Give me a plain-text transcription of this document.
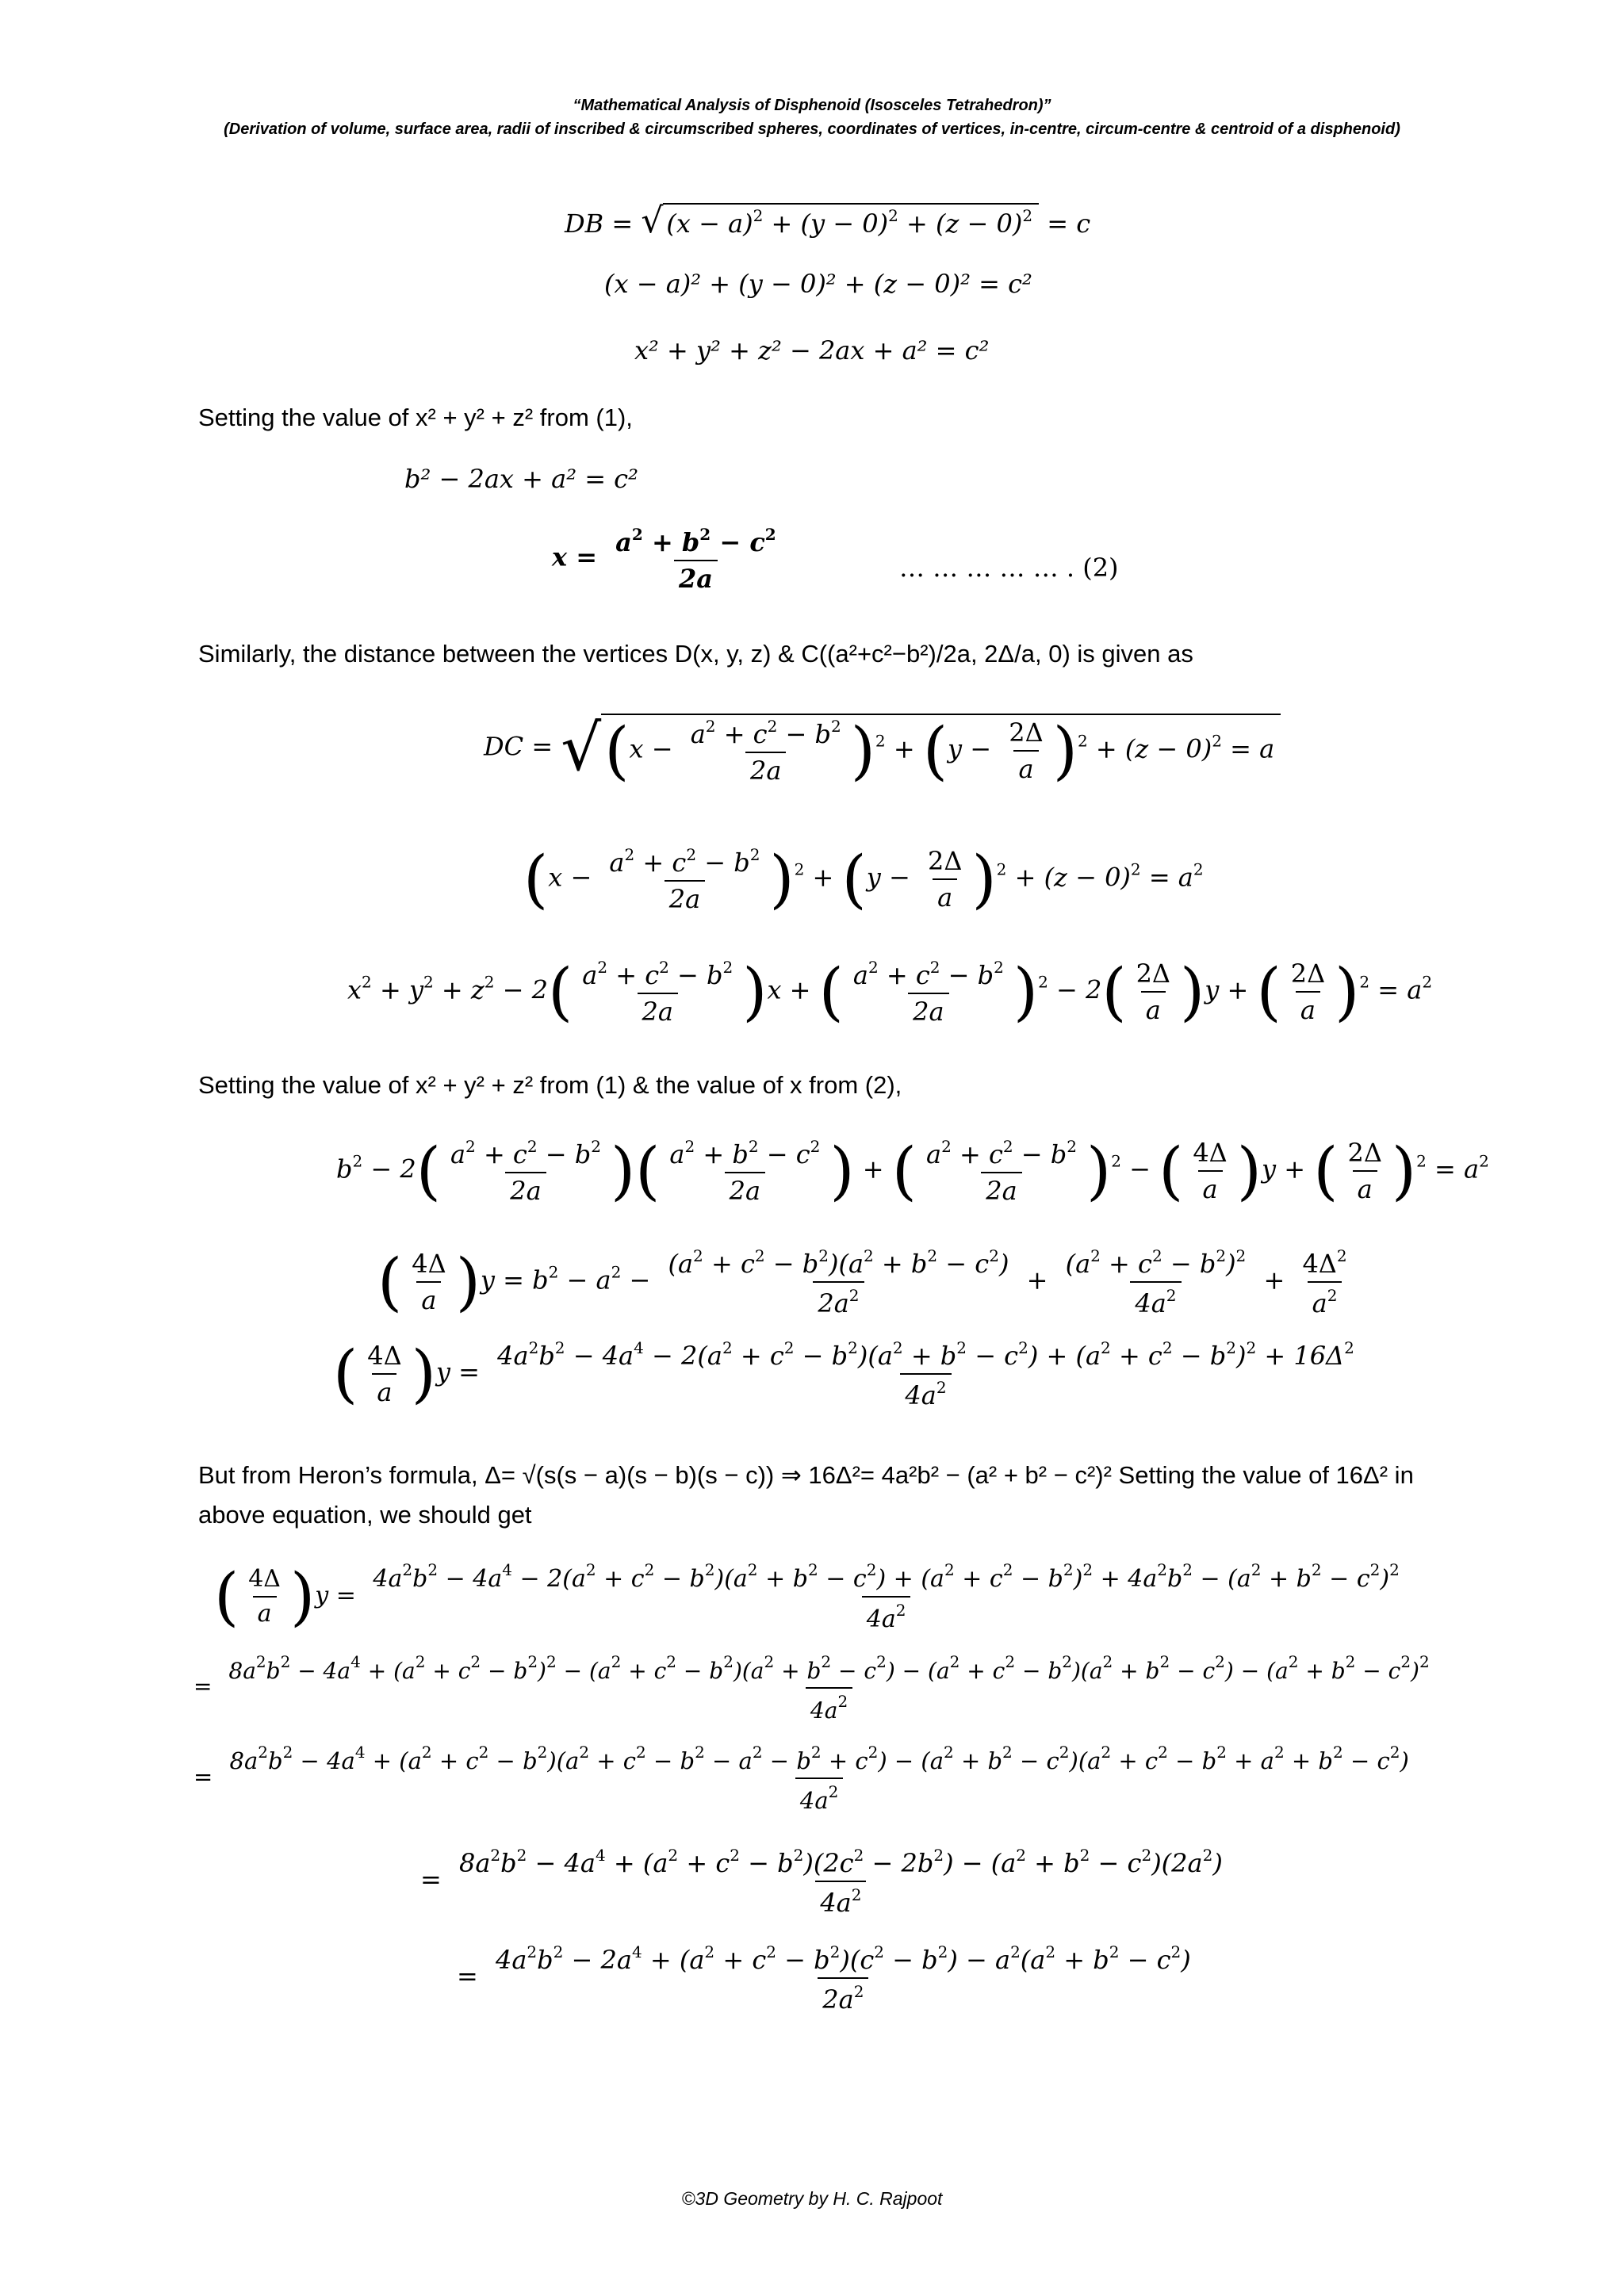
“Mathematical Analysis of Disphenoid (Isosceles Tetrahedron)”
(Derivation of volume, surface area, radii of inscribed & circumscribed spheres, coordinates of vertices, in-centre, circum-centre & centroid of a disphenoid)
DB = √ $(x - a)^2 + (y - 0)^2 + (z - 0)^2 = c$
(x − a)² + (y − 0)² + (z − 0)² = c²
x² + y² + z² − 2ax + a² = c²
Setting the value of x² + y² + z² from (1),
b² − 2ax + a² = c²
$x = \frac{a^2 + b^2 - c^2}{2a}$	… … … … … . (2)
Similarly, the distance between the vertices D(x, y, z) & C((a²+c²−b²)/2a, 2Δ/a, 0) is given as
DC = $√(x - \frac{a^2 + c^2 - b^2}{2a} )^2 + (y - \frac{2\Delta}{a} )^2 + (z - 0)^2 = a$
$(x - \frac{a^2 + c^2 - b^2}{2a} )^2 + (y - \frac{2\Delta}{a} )^2 + (z - 0)^2 = a^2$
$x^2 + y^2 + z^2 - 2( \frac{a^2 + c^2 - b^2}{2a} )x$ + ( $\frac{a^2 + c^2 - b^2}{2a} )^2 - 2( \frac{2\Delta}{a} )y$ + ( $\frac{2\Delta}{a} )^2 = a^2$
Setting the value of x² + y² + z² from (1) & the value of x from (2),
$b^2 - 2( \frac{a^2 + c^2 - b^2}{2a}$ )( $\frac{a^2 + b^2 - c^2}{2a}$ ) + ( $\frac{a^2 + c^2 - b^2}{2a} )^2$ − ( $\frac{4\Delta}{a} )y$ + ( $\frac{2\Delta}{a} )^2 = a^2$
( $\frac{4\Delta}{a} )y = b^2 - a^2 - \frac{(a^2 + c^2 - b^2)(a^2 + b^2 - c^2)}{2a^2} + \frac{(a^2 + c^2 - b^2)^2}{4a^2} + \frac{4\Delta^2}{a^2}$
( $\frac{4\Delta}{a} )y$ =
$4a^2b^2 - 4a^4 - 2(a^2 + c^2 - b^2)(a^2 + b^2 - c^2) + (a^2 + c^2 - b^2)^2 + 16\Delta^2$
$4a^2$
But from Heron’s formula, Δ= √(s(s − a)(s − b)(s − c)) ⇒ 16Δ²= 4a²b² − (a² + b² − c²)² Setting the value of 16Δ² in above equation, we should get
( $\frac{4\Delta}{a} )y$ =
$4a^2b^2 - 4a^4 - 2(a^2 + c^2 - b^2)(a^2 + b^2 - c^2) + (a^2 + c^2 - b^2)^2 + 4a^2b^2 - (a^2 + b^2 - c^2)^2$
$4a^2$
=
$8a^2b^2 - 4a^4 + (a^2 + c^2 - b^2)^2 - (a^2 + c^2 - b^2)(a^2 + b^2 - c^2) - (a^2 + c^2 - b^2)(a^2 + b^2 - c^2) - (a^2 + b^2 - c^2)^2$
$4a^2$
=
$8a^2b^2 - 4a^4 + (a^2 + c^2 - b^2)(a^2 + c^2 - b^2 - a^2 - b^2 + c^2) - (a^2 + b^2 - c^2)(a^2 + c^2 - b^2 + a^2 + b^2 - c^2)$
$4a^2$
=
$8a^2b^2 - 4a^4 + (a^2 + c^2 - b^2)(2c^2 - 2b^2) - (a^2 + b^2 - c^2)(2a^2)$
$4a^2$
= $\frac{4a^2b^2 - 2a^4 + (a^2 + c^2 - b^2)(c^2 - b^2) - a^2(a^2 + b^2 - c^2)}{2a^2}$
©3D Geometry by H. C. Rajpoot
